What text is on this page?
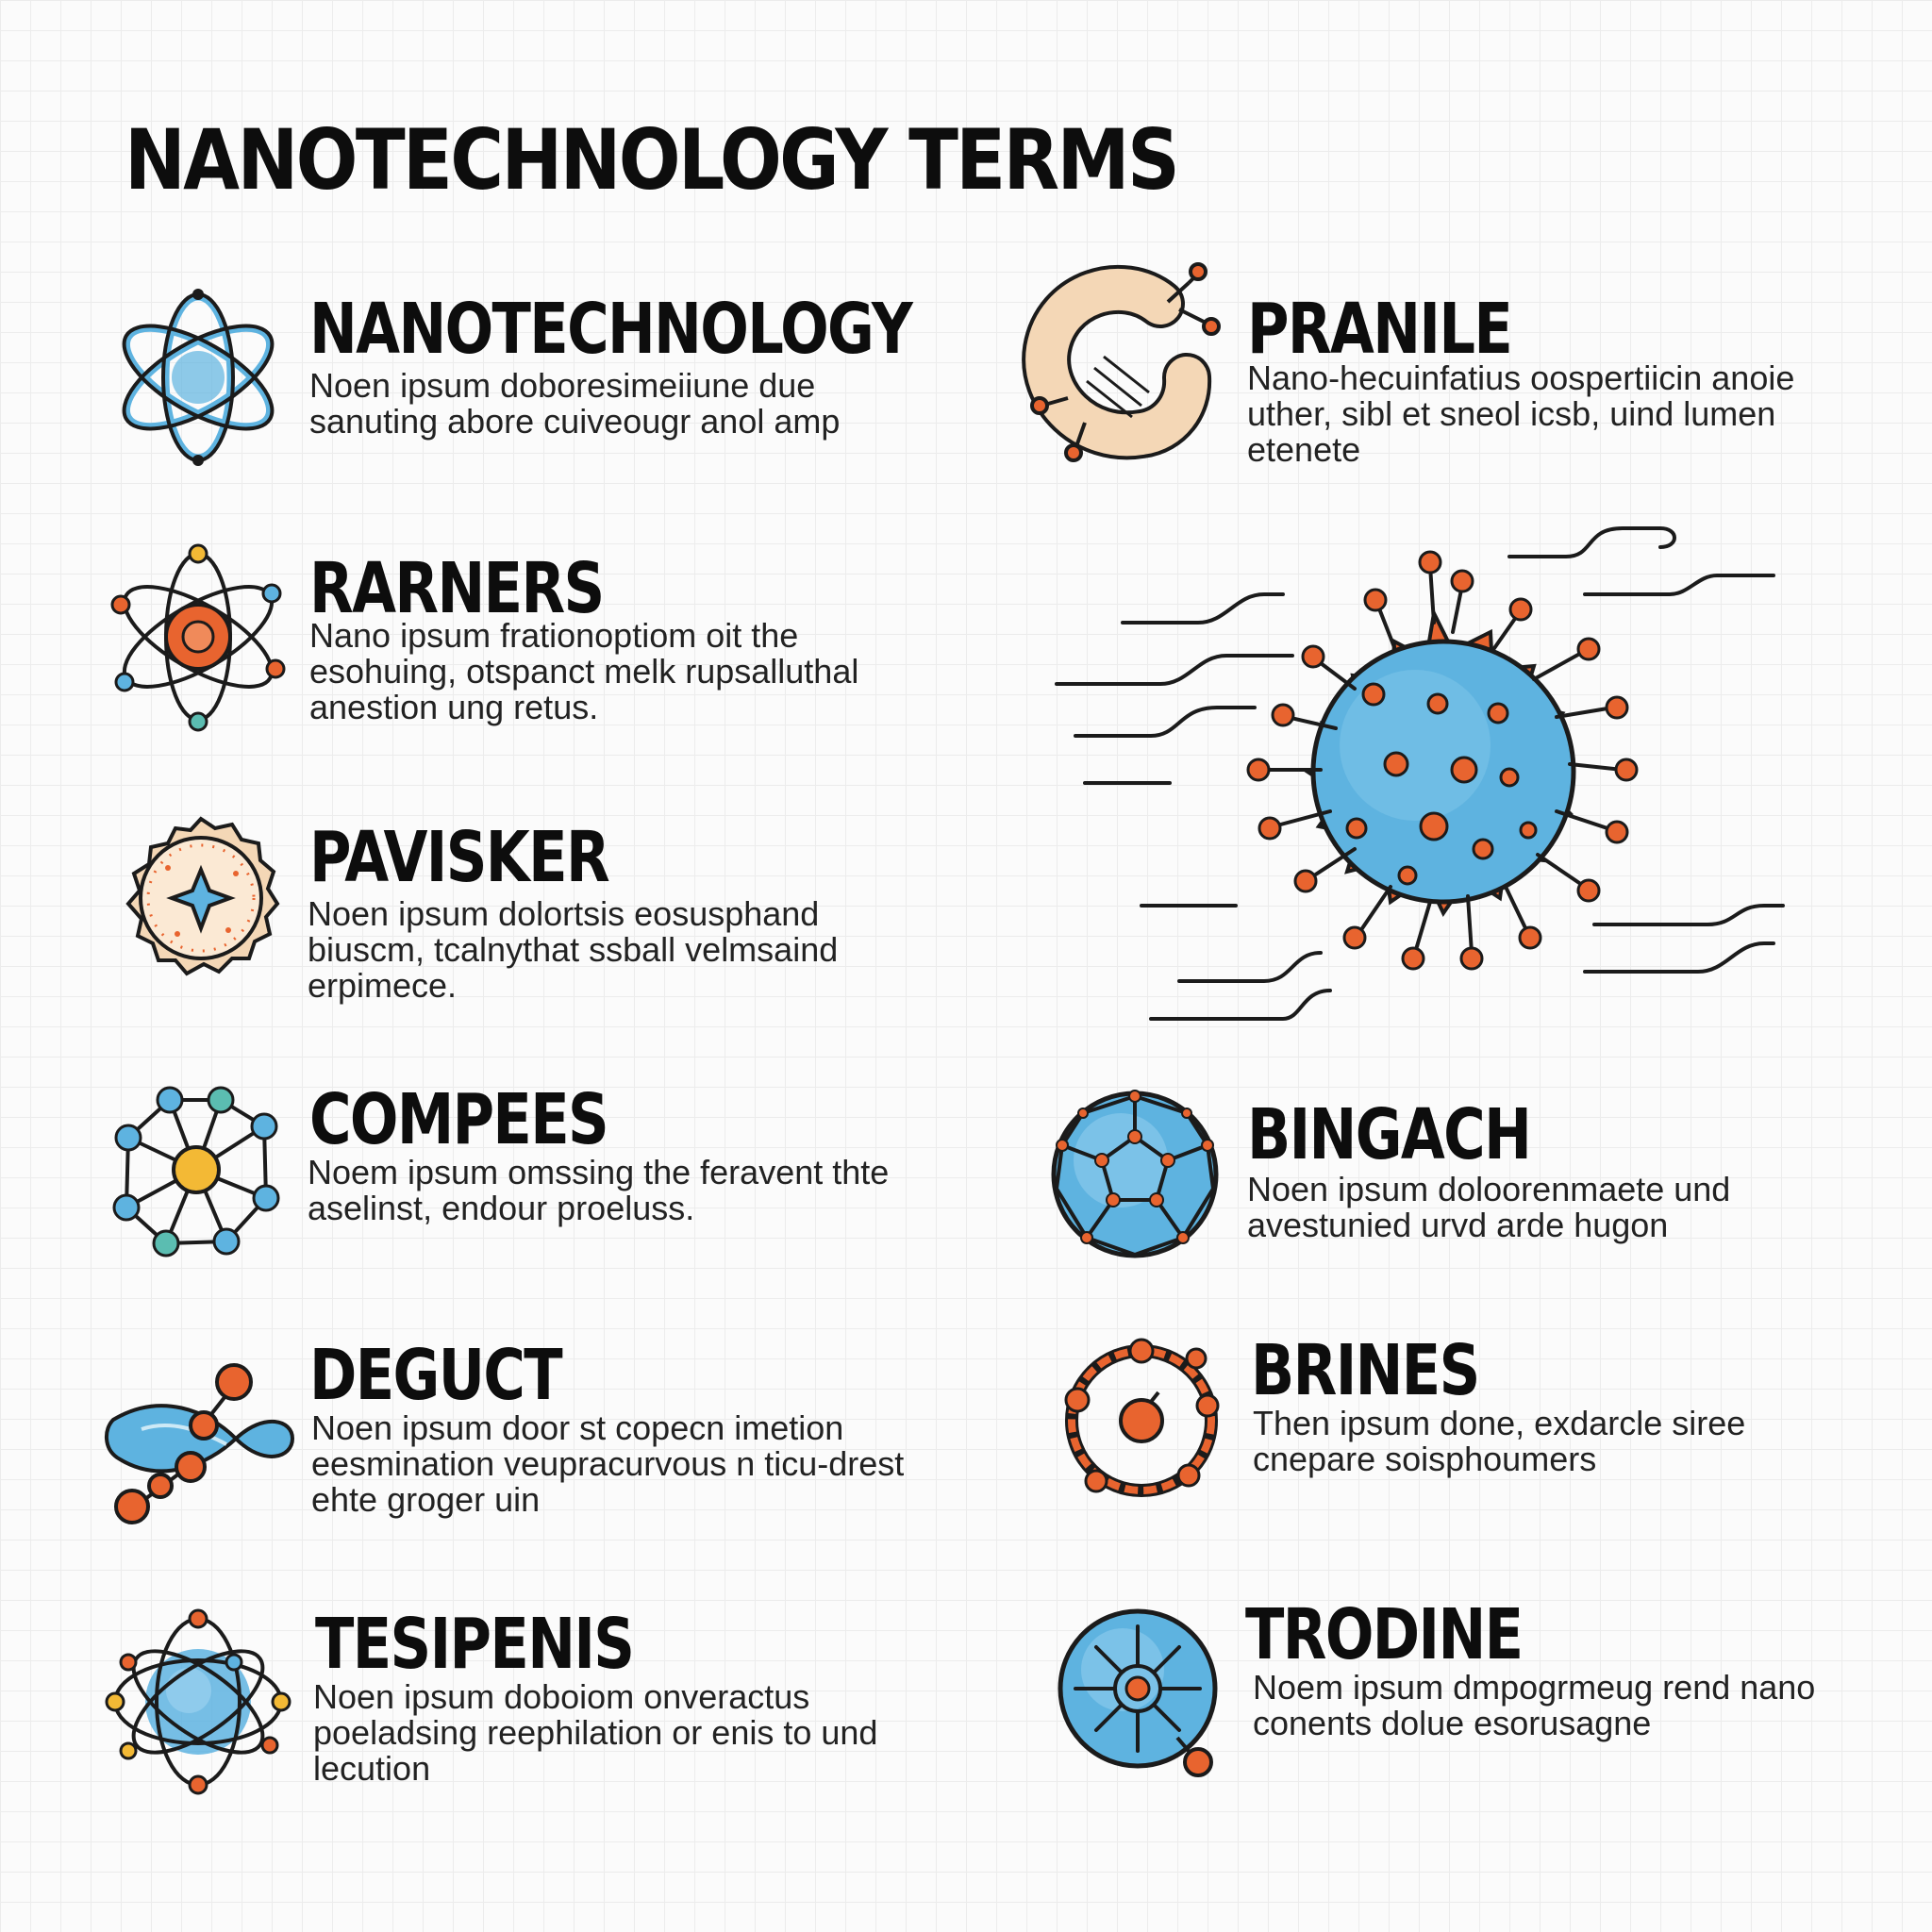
NANOTECHNOLOGY TERMS
NANOTECHNOLOGY

Noen ipsum doboresimeiiune due sanuting abore cuiveougr anol amp

RARNERS

Nano ipsum frationoptiom oit the esohuing, otspanct melk rupsalluthal anestion ung retus.

PAVISKER

Noen ipsum dolortsis eosusphand biuscm, tcalnythat ssball velmsaind erpimece.

COMPEES

Noem ipsum omssing the feravent thte aselinst, endour proeluss.

DEGUCT

Noen ipsum door st copecn imetion eesmination veupracurvous n ticu-drest ehte groger uin

TESIPENIS

Noen ipsum doboiom onveractus poeladsing reephilation or enis to und lecution

PRANILE

Nano-hecuinfatius oospertiicin anoie uther, sibl et sneol icsb, uind lumen etenete

BINGACH

Noen ipsum doloorenmaete und avestunied urvd arde hugon

BRINES

Then ipsum done, exdarcle siree cnepare soisphoumers

TRODINE

Noem ipsum dmpogrmeug rend nano conents dolue esorusagne
